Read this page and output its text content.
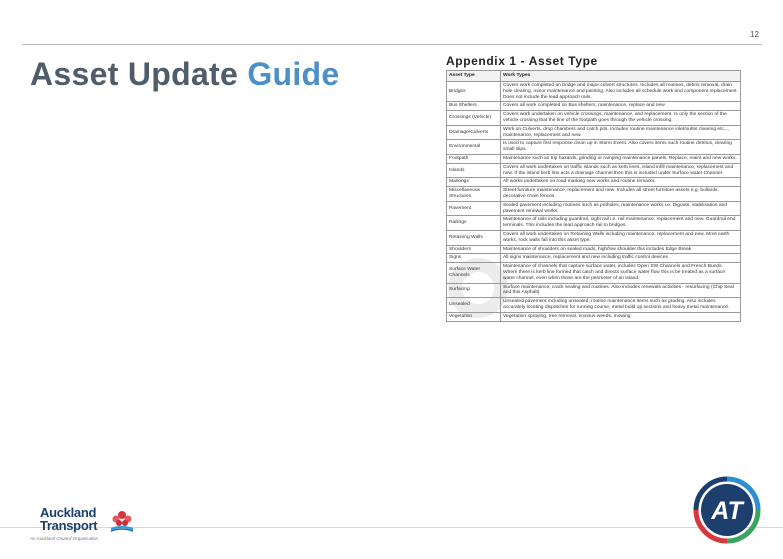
12
Asset Update Guide	Appendix 1 - Asset Type
Asset Type	Work Types
Bridges	Covers work completed on bridge and major culvert structures. Includes all routines, debris removal, drain hole clearing, minor maintenance and painting. Also includes all schedule work and component replacement. Does not include the lead approach rails.
Bus Shelters	Covers all work completed on Bus shelters, maintenance, replace and new
Crossings (Vehicle)	Covers work undertaken on vehicle crossings, maintenance, and replacement. Is only the section of the vehicle crossing that the line of the footpath goes through the vehicle crossing.
Drainage/Culverts	Work on Culverts, drop chambers and catch pits. Includes routine maintenance inlet/outlet clearing etc..., maintenance, replacement and new.
Environmental	Is used to capture first response clean up in Storm Event. Also covers items such routine detritus, clearing small slips.
Footpath	Maintenance such as trip hazards, grinding or ramping maintenance panels. Replace, maint and new works.
Islands	Covers all work undertaken on traffic islands such as kerb lines, island infill maintenance, replacement and new. If the island kerb line acts a drainage channel then this is included under Surface water Channel.
Markings	All works undertaken on road marking new works and routine remarks.
Miscellaneous Structures	Street furniture maintenance, replacement and new. Includes all street furniture assets e.g. bollards, decorative chain fences.
Pavement	Sealed pavement including routines such as potholes, maintenance works i.e. Digouts, stabilisation and pavement renewal works.
Railings	Maintenance of rails including guardrail, sight rail i.e. rail maintenance, replacement and new. Guardrail end terminals. This includes the lead approach rail to bridges.
Retaining Walls	Covers all work undertaken on Retaining Walls including maintenance, replacement and new. Most earth works, rock walls fall into this asset type.
Shoulders	Maintenance of shoulders on sealed roads, high/low shoulder this includes Edge Break
Signs	All signs maintenance, replacement and new including traffic control devices
Surface Water Channels	Maintenance of channels that capture surface water, includes Open SW Channels and French Bunds. Where there is kerb line formed that catch and directs surface water flow this is be treated as a surface water channel, even when these are the perimeter of an island.
Surfacing	Surface maintenance, crack sealing and routines. Also includes renewals activities - resurfacing (Chip Seal and thin Asphalt)
Unsealed	Unsealed pavement including unsealed, routine maintenance items such as grading. Also includes accurately locating dispatches for running course, metal build up sections and heavy metal maintenance.
Vegetation	Vegetation spraying, tree removal, noxious weeds, mowing
Auckland
Transport
An Auckland Council Organisation
AT
